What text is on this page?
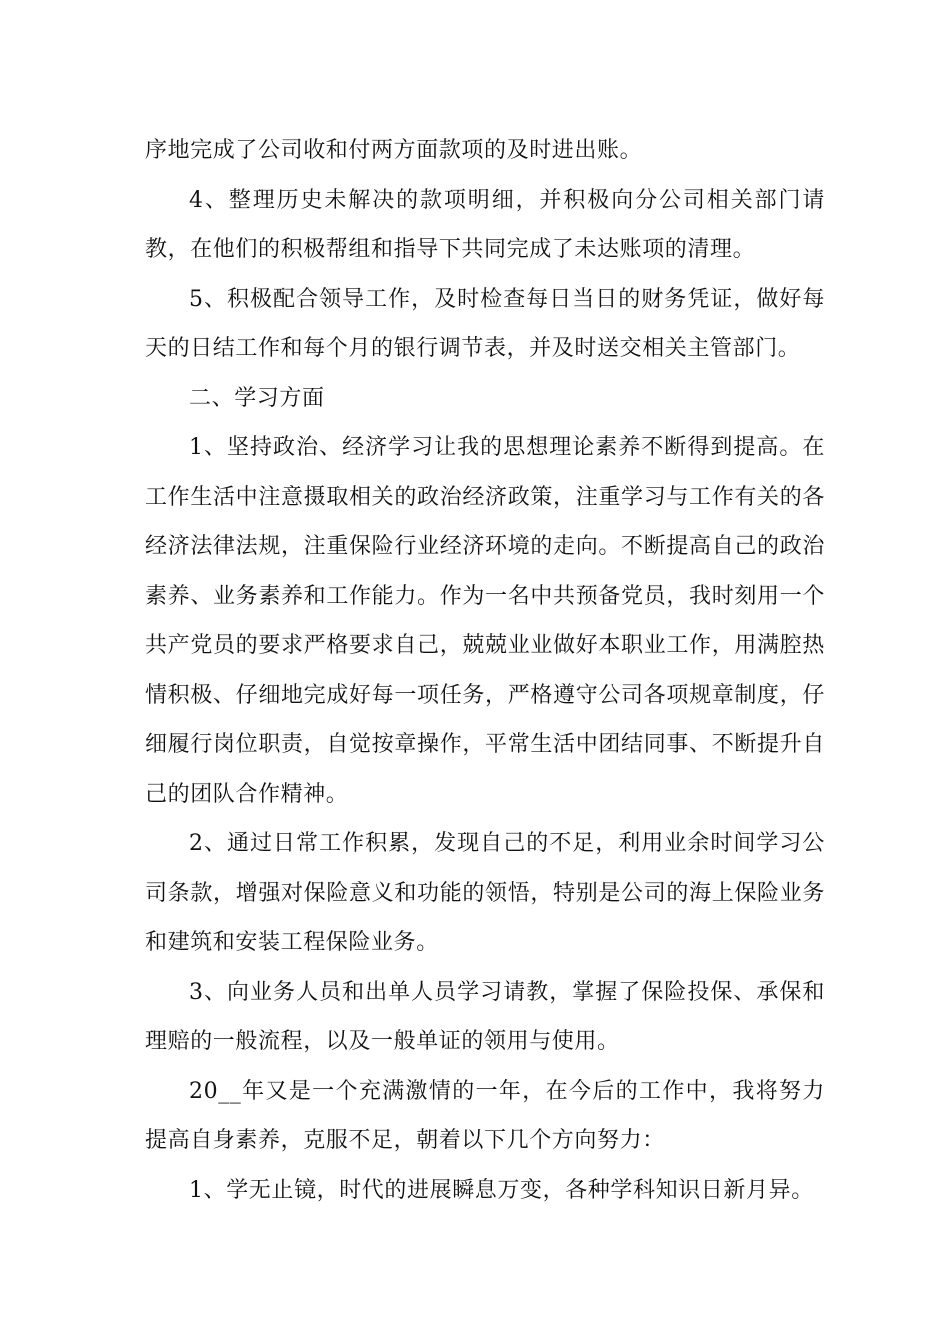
序地完成了公司收和付两方面款项的及时进出账。

4、整理历史未解决的款项明细，并积极向分公司相关部门请教，在他们的积极帮组和指导下共同完成了未达账项的清理。

5、积极配合领导工作，及时检查每日当日的财务凭证，做好每天的日结工作和每个月的银行调节表，并及时送交相关主管部门。

二、学习方面

1、坚持政治、经济学习让我的思想理论素养不断得到提高。在工作生活中注意摄取相关的政治经济政策，注重学习与工作有关的各经济法律法规，注重保险行业经济环境的走向。不断提高自己的政治素养、业务素养和工作能力。作为一名中共预备党员，我时刻用一个共产党员的要求严格要求自己，兢兢业业做好本职业工作，用满腔热情积极、仔细地完成好每一项任务，严格遵守公司各项规章制度，仔细履行岗位职责，自觉按章操作，平常生活中团结同事、不断提升自己的团队合作精神。

2、通过日常工作积累，发现自己的不足，利用业余时间学习公司条款，增强对保险意义和功能的领悟，特别是公司的海上保险业务和建筑和安装工程保险业务。

3、向业务人员和出单人员学习请教，掌握了保险投保、承保和理赔的一般流程，以及一般单证的领用与使用。

20__年又是一个充满激情的一年，在今后的工作中，我将努力提高自身素养，克服不足，朝着以下几个方向努力：

1、学无止镜，时代的进展瞬息万变，各种学科知识日新月异。
